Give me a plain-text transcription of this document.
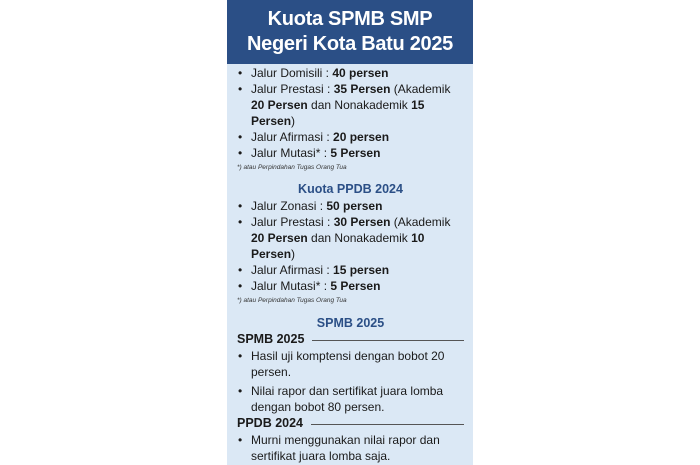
Kuota SPMB SMP
Negeri Kota Batu 2025
• Jalur Domisili : 40 persen
• Jalur Prestasi : 35 Persen (Akademik 20 Persen dan Nonakademik 15 Persen)
• Jalur Afirmasi : 20 persen
• Jalur Mutasi* : 5 Persen
*) atau Perpindahan Tugas Orang Tua
Kuota PPDB 2024
• Jalur Zonasi : 50 persen
• Jalur Prestasi : 30 Persen (Akademik 20 Persen dan Nonakademik 10 Persen)
• Jalur Afirmasi : 15 persen
• Jalur Mutasi* : 5 Persen
*) atau Perpindahan Tugas Orang Tua
SPMB 2025
SPMB 2025
• Hasil uji komptensi dengan bobot 20 persen.
• Nilai rapor dan sertifikat juara lomba dengan bobot 80 persen.
PPDB 2024
• Murni menggunakan nilai rapor dan sertifikat juara lomba saja.
